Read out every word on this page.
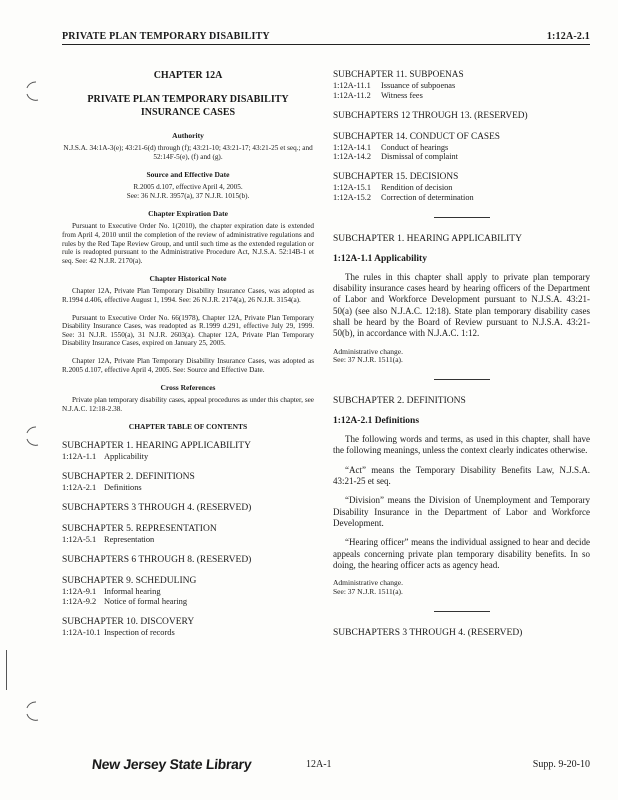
PRIVATE PLAN TEMPORARY DISABILITY	1:12A-2.1
CHAPTER 12A
PRIVATE PLAN TEMPORARY DISABILITY
INSURANCE CASES
Authority

N.J.S.A. 34:1A-3(e); 43:21-6(d) through (f); 43:21-10; 43:21-17; 43:21-25 et seq.; and 52:14F-5(e), (f) and (g).

Source and Effective Date

R.2005 d.107, effective April 4, 2005.
See: 36 N.J.R. 3957(a), 37 N.J.R. 1015(b).

Chapter Expiration Date

Pursuant to Executive Order No. 1(2010), the chapter expiration date is extended from April 4, 2010 until the completion of the review of administrative regulations and rules by the Red Tape Review Group, and until such time as the extended regulation or rule is readopted pursuant to the Administrative Procedure Act, N.J.S.A. 52:14B-1 et seq. See: 42 N.J.R. 2170(a).

Chapter Historical Note

Chapter 12A, Private Plan Temporary Disability Insurance Cases, was adopted as R.1994 d.406, effective August 1, 1994. See: 26 N.J.R. 2174(a), 26 N.J.R. 3154(a).

Pursuant to Executive Order No. 66(1978), Chapter 12A, Private Plan Temporary Disability Insurance Cases, was readopted as R.1999 d.291, effective July 29, 1999. See: 31 N.J.R. 1550(a), 31 N.J.R. 2603(a). Chapter 12A, Private Plan Temporary Disability Insurance Cases, expired on January 25, 2005.

Chapter 12A, Private Plan Temporary Disability Insurance Cases, was adopted as R.2005 d.107, effective April 4, 2005. See: Source and Effective Date.

Cross References

Private plan temporary disability cases, appeal procedures as under this chapter, see N.J.A.C. 12:18-2.38.

CHAPTER TABLE OF CONTENTS
SUBCHAPTER 1. HEARING APPLICABILITY
1:12A-1.1 Applicability
SUBCHAPTER 2. DEFINITIONS
1:12A-2.1 Definitions
SUBCHAPTERS 3 THROUGH 4. (RESERVED)
SUBCHAPTER 5. REPRESENTATION
1:12A-5.1 Representation
SUBCHAPTERS 6 THROUGH 8. (RESERVED)
SUBCHAPTER 9. SCHEDULING
1:12A-9.1 Informal hearing
1:12A-9.2 Notice of formal hearing
SUBCHAPTER 10. DISCOVERY
1:12A-10.1 Inspection of records
SUBCHAPTER 11. SUBPOENAS
1:12A-11.1 Issuance of subpoenas
1:12A-11.2 Witness fees
SUBCHAPTERS 12 THROUGH 13. (RESERVED)
SUBCHAPTER 14. CONDUCT OF CASES
1:12A-14.1 Conduct of hearings
1:12A-14.2 Dismissal of complaint
SUBCHAPTER 15. DECISIONS
1:12A-15.1 Rendition of decision
1:12A-15.2 Correction of determination
SUBCHAPTER 1. HEARING APPLICABILITY
1:12A-1.1 Applicability

The rules in this chapter shall apply to private plan temporary disability insurance cases heard by hearing officers of the Department of Labor and Workforce Development pursuant to N.J.S.A. 43:21-50(a) (see also N.J.A.C. 12:18). State plan temporary disability cases shall be heard by the Board of Review pursuant to N.J.S.A. 43:21-50(b), in accordance with N.J.A.C. 1:12.

Administrative change.
See: 37 N.J.R. 1511(a).
SUBCHAPTER 2. DEFINITIONS
1:12A-2.1 Definitions

The following words and terms, as used in this chapter, shall have the following meanings, unless the context clearly indicates otherwise.

“Act” means the Temporary Disability Benefits Law, N.J.S.A. 43:21-25 et seq.

“Division” means the Division of Unemployment and Temporary Disability Insurance in the Department of Labor and Workforce Development.

“Hearing officer” means the individual assigned to hear and decide appeals concerning private plan temporary disability benefits. In so doing, the hearing officer acts as agency head.

Administrative change.
See: 37 N.J.R. 1511(a).
SUBCHAPTERS 3 THROUGH 4. (RESERVED)
New Jersey State Library	12A-1	Supp. 9-20-10
